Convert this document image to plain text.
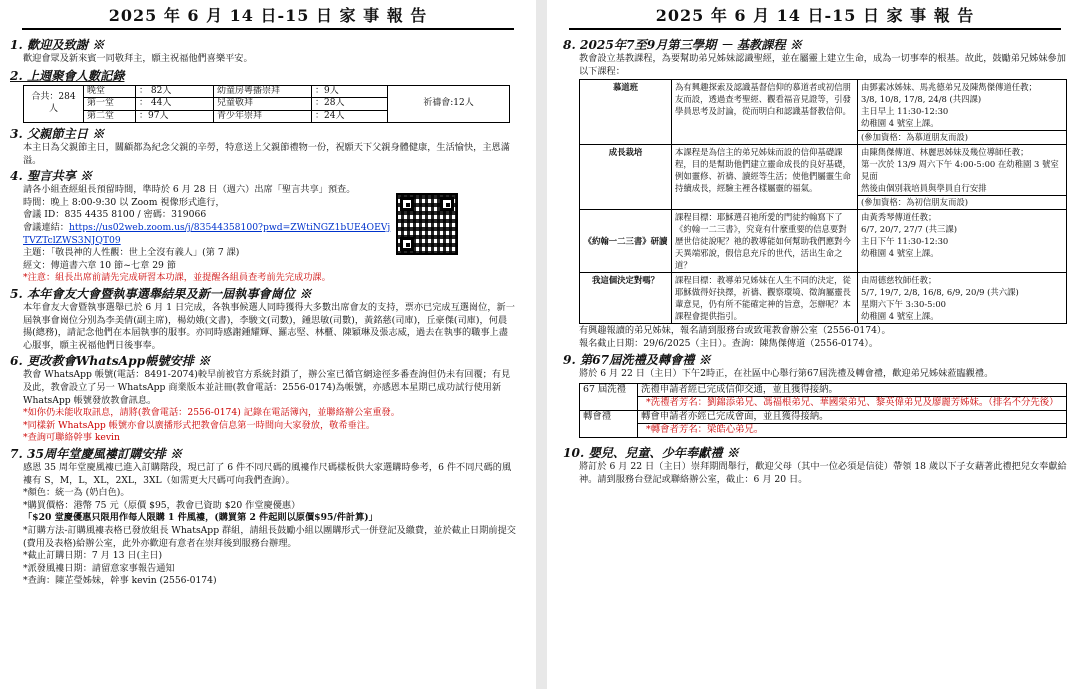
2025 年 6 月 14 日-15 日 家 事 報 告
1. 歡迎及致謝 ※
歡迎會眾及新來賓一同敬拜主，願主祝福他們喜樂平安。
2. 上週聚會人數記錄
合共：284人	晚堂	： 82人	幼童房粵播崇拜	：9人	祈禱會:12人
	第一堂	： 44人	兒童敬拜	：28人	
	第二堂	：97人	青少年崇拜	：24人	
3. 父親節主日 ※
本主日為父親節主日，關顧都為紀念父親的辛勞，特意送上父親節禮物一份，祝願天下父親身體健康，生活愉快，主恩滿溢。
4. 聖言共享 ※
請各小組查經組長預留時間，準時於 6 月 28 日（週六）出席「聖言共享」預查。
時間：晚上 8:00-9:30 以 Zoom 視像形式進行，
會議 ID：835 4435 8100 / 密碼：319066
會議連結：https://us02web.zoom.us/j/83544358100?pwd=ZWtiNGZ1bUE4OEVjTVZTclZWS3NJQT09
主題：「敬畏神的人性觀：世上全沒有義人」(第 7 課)
經文：傳道書六章 10 節~七章 29 節
*注意：組長出席前請先完成研習本功課，並提醒各組員查考前先完成功課。
5. 本年會友大會暨執事選舉結果及新一屆執事會崗位 ※
本年會友大會暨執事選舉已於 6 月 1 日完成，各執事候選人同時獲得大多數出席會友的支持，票亦已完成互選崗位，新一屆執事會崗位分別為李美倩(副主席)，楊幼娥(文書)，李駿文(司數)，鍾思敏(司數)，黃銘慈(司庫)，丘豪傑(司庫)，何晨揚(總務)，請記念他們在本屆執事的服事。亦同時感謝鍾耀輝、羅志堅、林櫃、陳穎琳及張志威，過去在執事的職事上盡心服事，願主祝福他們日後事奉。
6. 更改教會WhatsApp帳號安排 ※
教會 WhatsApp 帳號(電話：8491-2074)較早前被官方系統封鎖了，辦公室已循官網途徑多番查詢但仍未有回覆；有見及此，教會設立了另一 WhatsApp 商業版本並註冊(教會電話：2556-0174)為帳號，亦感恩本星期已成功試行使用新 WhatsApp 帳號發放教會訊息。
*如你仍未能收取訊息，請將(教會電話：2556-0174) 記錄在電話簿內，並聯絡辦公室重發。
*同樣新 WhatsApp 帳號亦會以廣播形式把教會信息第一時間向大家發放，敬希垂注。
*查詢可聯絡幹事 kevin
7. 35周年堂慶風褸訂購安排 ※
感恩 35 周年堂慶風褸已進入訂購階段，現已訂了 6 件不同尺碼的風褸作尺碼樣板供大家選購時參考，6 件不同尺碼的風褸有 S，M，L，XL，2XL，3XL（如需更大尺碼可向我們查詢）。
*顏色：統一為 (奶白色)。
*購買價格：港幣 75 元（原價 $95，教會已資助 $20 作堂慶優惠）
「$20 堂慶優惠只限用作每人限購 1 件風褸，(購買第 2 件起則以原價$95/件計算)」
*訂購方法-訂購風褸表格已發放組長 WhatsApp 群組，請組長鼓勵小組以團購形式一併登記及繳費，並於截止日期前提交(費用及表格)給辦公室，此外亦歡迎有意者在崇拜後到服務台辦理。
*截止訂購日期：7 月 13 日(主日)
*派發風褸日期：請留意家事報告通知
*查詢：陳芷瑩姊妹，幹事 kevin (2556-0174)
2025 年 6 月 14 日-15 日 家 事 報 告
8. 2025年7至9月第三學期 － 基教課程 ※
教會設立基教課程，為要幫助弟兄姊妹認識聖經，並在屬靈上建立生命，成為一切事奉的根基。故此，鼓勵弟兄姊妹參加以下課程：
慕道班	為有興趣探索及認識基督信仰的慕道者或初信朋友而設，透過查考聖經、觀看福音見證等，引發學員思考及討論，從而明白和認識基督教信仰。	由鄧素冰姊妹、馬兆德弟兄及陳雋傑傳道任教；
3/8, 10/8, 17/8, 24/8 (共四課)
主日早上 11:30-12:30
幼稚園 4 號室上課。
(參加資格：為慕道朋友而設)

成長栽培	本課程是為信主的弟兄姊妹而設的信仰基礎課程，目的是幫助他們建立靈命成長的良好基礎，例如靈修、祈禱、讀經等生活；使他們屬靈生命持續成長，經驗主裡各樣屬靈的福氣。	由陳雋傑傳道、林麗思姊妹及幾位導師任教；
第一次於 13/9 周六下午 4:00-5:00 在幼稚園 3 號室見面
然後由個別栽培員與學員自行安排
(參加資格：為初信朋友而設)

《約翰一二三書》研讀	課程目標：耶穌選召祂所愛的門徒約翰寫下了《約翰一二三書》，究竟有什麼重要的信息要對歷世信徒說呢？祂的教導能如何幫助我們應對今天異端邪說，假信息充斥的世代，活出生命之道？	由黃秀琴傳道任教；
6/7, 20/7, 27/7 (共三課)
主日下午 11:30-12:30
幼稚園 4 號室上課。
我這個決定對嗎？	課程目標：教導弟兄姊妹在人生不同的決定，從耶穌做得好抉擇，祈禱、觀察環境、徵詢屬靈長輩意見，仍有所不能確定神的旨意，怎辦呢？本課程會提供指引。	由周德慈牧師任教；
5/7, 19/7, 2/8, 16/8, 6/9, 20/9 (共六課)
星期六下午 3:30-5:00
幼稚園 4 號室上課。
有興趣報讀的弟兄姊妹，報名請到服務台或致電教會辦公室（2556-0174）。
報名截止日期：29/6/2025（主日）。查詢：陳雋傑傳道（2556-0174）。
9. 第67屆洗禮及轉會禮 ※
將於 6 月 22 日（主日）下午2時正，在社區中心舉行第67屆洗禮及轉會禮，歡迎弟兄姊妹蒞臨觀禮。
67 屆洗禮	洗禮申請者經已完成信仰交通，並且獲得接納。
	*洗禮者芳名：劉錦添弟兄、馮福根弟兄、華國榮弟兄、黎英偉弟兄及廖麗芳姊妹。（排名不分先後）
轉會禮	轉會申請者亦經已完成會面，並且獲得接納。
	*轉會者芳名：梁皓心弟兄。
10. 嬰兒、兒童、少年奉獻禮 ※
將訂於 6 月 22 日（主日）崇拜期間舉行，歡迎父母（其中一位必須是信徒）帶領 18 歲以下子女藉著此禮把兒女奉獻給神。請到服務台登記或聯絡辦公室，截止：6 月 20 日。
